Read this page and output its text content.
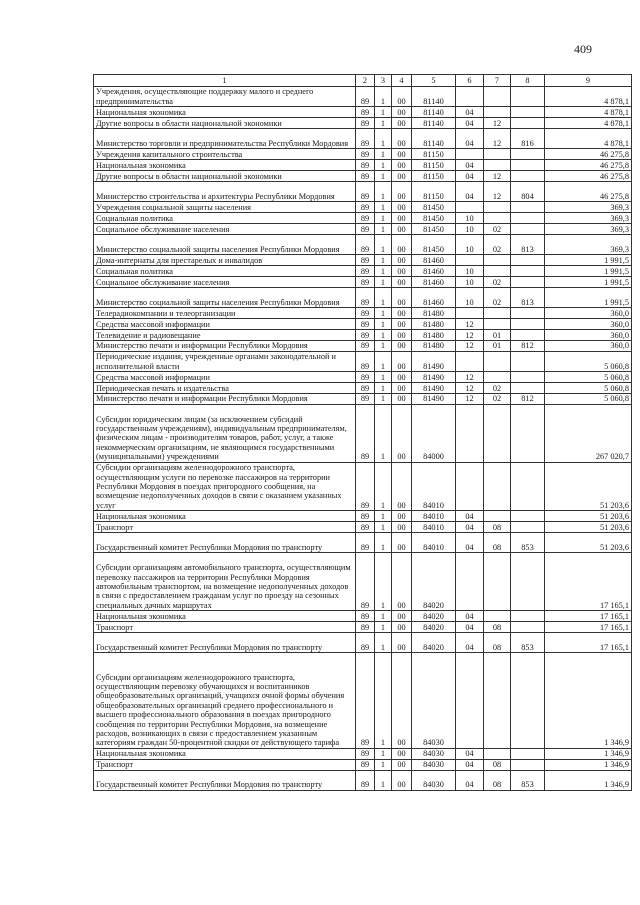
409
1	2	3	4	5	6	7	8	9
Учреждения, осуществляющие поддержку малого и среднего предпринимательства	89	1	00	81140				4 878,1
Национальная экономика	89	1	00	81140	04			4 878,1
Другие вопросы в области национальной экономики	89	1	00	81140	04	12		4 878,1
Министерство торговли и предпринимательства Республики Мордовия	89	1	00	81140	04	12	816	4 878,1
Учреждения капитального строительства	89	1	00	81150				46 275,8
Национальная экономика	89	1	00	81150	04			46 275,8
Другие вопросы в области национальной экономики	89	1	00	81150	04	12		46 275,8
Министерство строительства и архитектуры Республики Мордовия	89	1	00	81150	04	12	804	46 275,8
Учреждения социальной защиты населения	89	1	00	81450				369,3
Социальная политика	89	1	00	81450	10			369,3
Социальное обслуживание населения	89	1	00	81450	10	02		369,3
Министерство социальной защиты населения Республики Мордовия	89	1	00	81450	10	02	813	369,3
Дома-интернаты для престарелых и инвалидов	89	1	00	81460				1 991,5
Социальная политика	89	1	00	81460	10			1 991,5
Социальное обслуживание населения	89	1	00	81460	10	02		1 991,5
Министерство социальной защиты населения Республики Мордовия	89	1	00	81460	10	02	813	1 991,5
Телерадиокомпании и телеорганизации	89	1	00	81480				360,0
Средства массовой информации	89	1	00	81480	12			360,0
Телевидение и радиовещание	89	1	00	81480	12	01		360,0
Министерство печати и информации Республики Мордовия	89	1	00	81480	12	01	812	360,0
Периодические издания, учрежденные органами законодательной и исполнительной власти	89	1	00	81490				5 060,8
Средства массовой информации	89	1	00	81490	12			5 060,8
Периодическая печать и издательства	89	1	00	81490	12	02		5 060,8
Министерство печати и информации Республики Мордовия	89	1	00	81490	12	02	812	5 060,8
Субсидии юридическим лицам (за исключением субсидий государственным учреждениям), индивидуальным предпринимателям, физическим лицам - производителям товаров, работ, услуг, а также некоммерческим организациям, не являющимся государственными (муниципальными) учреждениями	89	1	00	84000				267 020,7
Субсидии организациям железнодорожного транспорта, осуществляющим услуги по перевозке пассажиров на территории Республики Мордовия в поездах пригородного сообщения, на возмещение недополученных доходов в связи с оказанием указанных услуг	89	1	00	84010				51 203,6
Национальная экономика	89	1	00	84010	04			51 203,6
Транспорт	89	1	00	84010	04	08		51 203,6
Государственный комитет Республики Мордовия по транспорту	89	1	00	84010	04	08	853	51 203,6
Субсидии организациям автомобильного транспорта, осуществляющим перевозку пассажиров на территории Республики Мордовия автомобильным транспортом, на возмещение недополученных доходов в связи с предоставлением гражданам услуг по проезду на сезонных специальных дачных маршрутах	89	1	00	84020				17 165,1
Национальная экономика	89	1	00	84020	04			17 165,1
Транспорт	89	1	00	84020	04	08		17 165,1
Государственный комитет Республики Мордовия по транспорту	89	1	00	84020	04	08	853	17 165,1
Субсидии организациям железнодорожного транспорта, осуществляющим перевозку обучающихся и воспитанников общеобразовательных организаций, учащихся очной формы обучения общеобразовательных организаций среднего профессионального и высшего профессионального образования в поездах пригородного сообщения по территории Республики Мордовия, на возмещение расходов, возникающих в связи с предоставлением указанным категориям граждан 50-процентной скидки от действующего тарифа	89	1	00	84030				1 346,9
Национальная экономика	89	1	00	84030	04			1 346,9
Транспорт	89	1	00	84030	04	08		1 346,9
Государственный комитет Республики Мордовия по транспорту	89	1	00	84030	04	08	853	1 346,9
